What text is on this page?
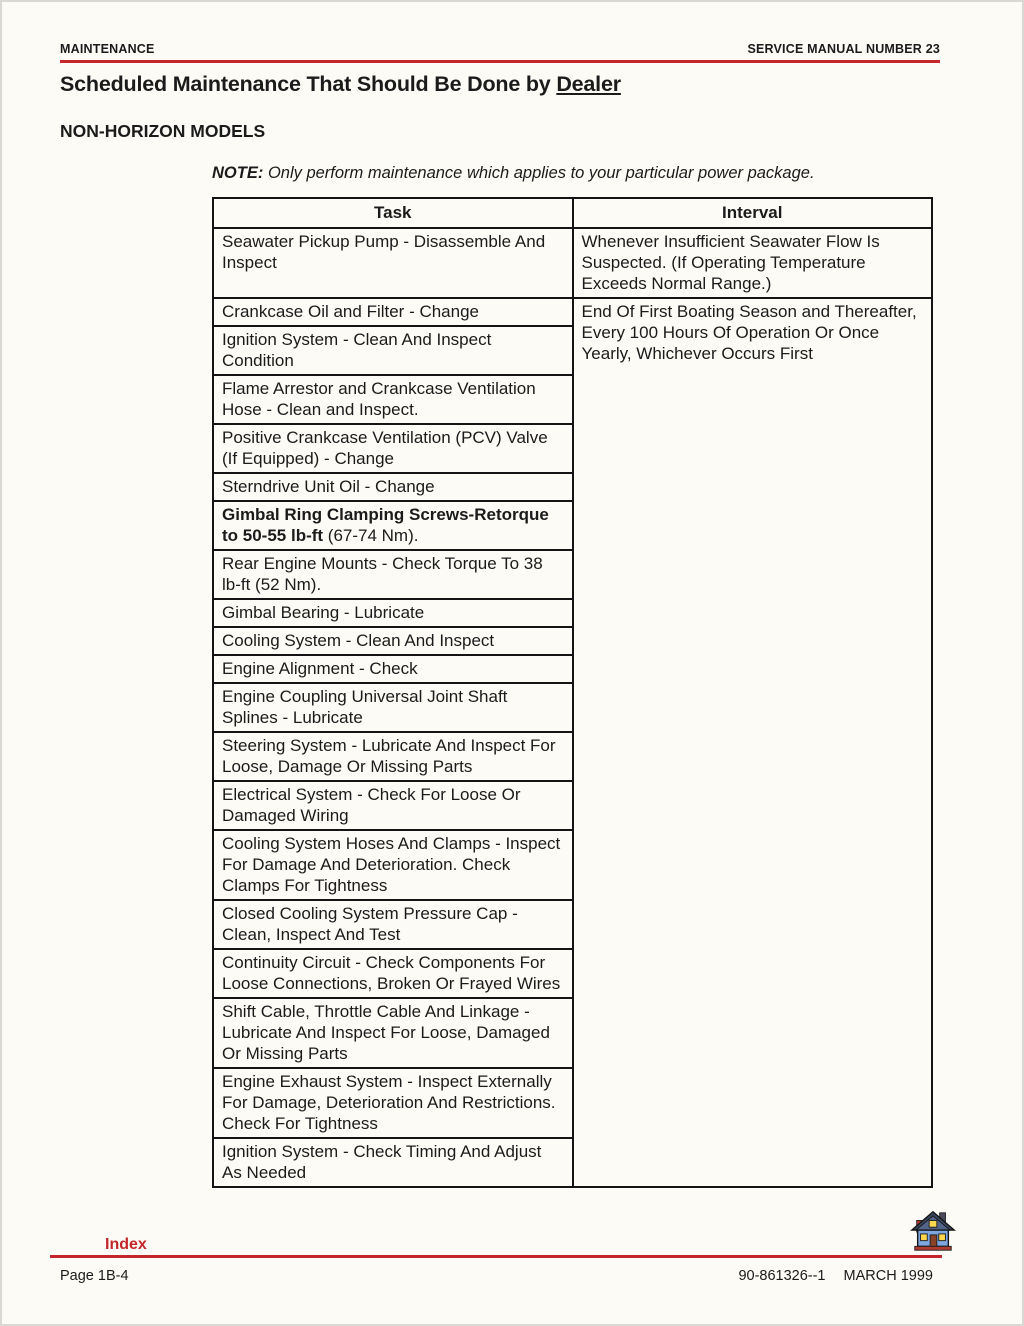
MAINTENANCE	SERVICE MANUAL NUMBER 23
Scheduled Maintenance That Should Be Done by Dealer
NON-HORIZON MODELS
NOTE: Only perform maintenance which applies to your particular power package.
Task	Interval
Seawater Pickup Pump - Disassemble And Inspect	Whenever Insufficient Seawater Flow Is Suspected. (If Operating Temperature Exceeds Normal Range.)
Crankcase Oil and Filter - Change	End Of First Boating Season and Thereafter, Every 100 Hours Of Operation Or Once Yearly, Whichever Occurs First
Ignition System - Clean And Inspect Condition	
Flame Arrestor and Crankcase Ventilation Hose - Clean and Inspect.	
Positive Crankcase Ventilation (PCV) Valve (If Equipped) - Change	
Sterndrive Unit Oil - Change	
Gimbal Ring Clamping Screws-Retorque to 50-55 lb-ft (67-74 Nm).	
Rear Engine Mounts - Check Torque To 38 lb-ft (52 Nm).	
Gimbal Bearing - Lubricate	
Cooling System - Clean And Inspect	
Engine Alignment - Check	
Engine Coupling Universal Joint Shaft Splines - Lubricate	
Steering System - Lubricate And Inspect For Loose, Damage Or Missing Parts	
Electrical System - Check For Loose Or Damaged Wiring	
Cooling System Hoses And Clamps - Inspect For Damage And Deterioration. Check Clamps For Tightness	
Closed Cooling System Pressure Cap - Clean, Inspect And Test	
Continuity Circuit - Check Components For Loose Connections, Broken Or Frayed Wires	
Shift Cable, Throttle Cable And Linkage - Lubricate And Inspect For Loose, Damaged Or Missing Parts	
Engine Exhaust System - Inspect Externally For Damage, Deterioration And Restrictions. Check For Tightness	
Ignition System - Check Timing And Adjust As Needed	
Index
Page 1B-4	90-861326--1 MARCH 1999
